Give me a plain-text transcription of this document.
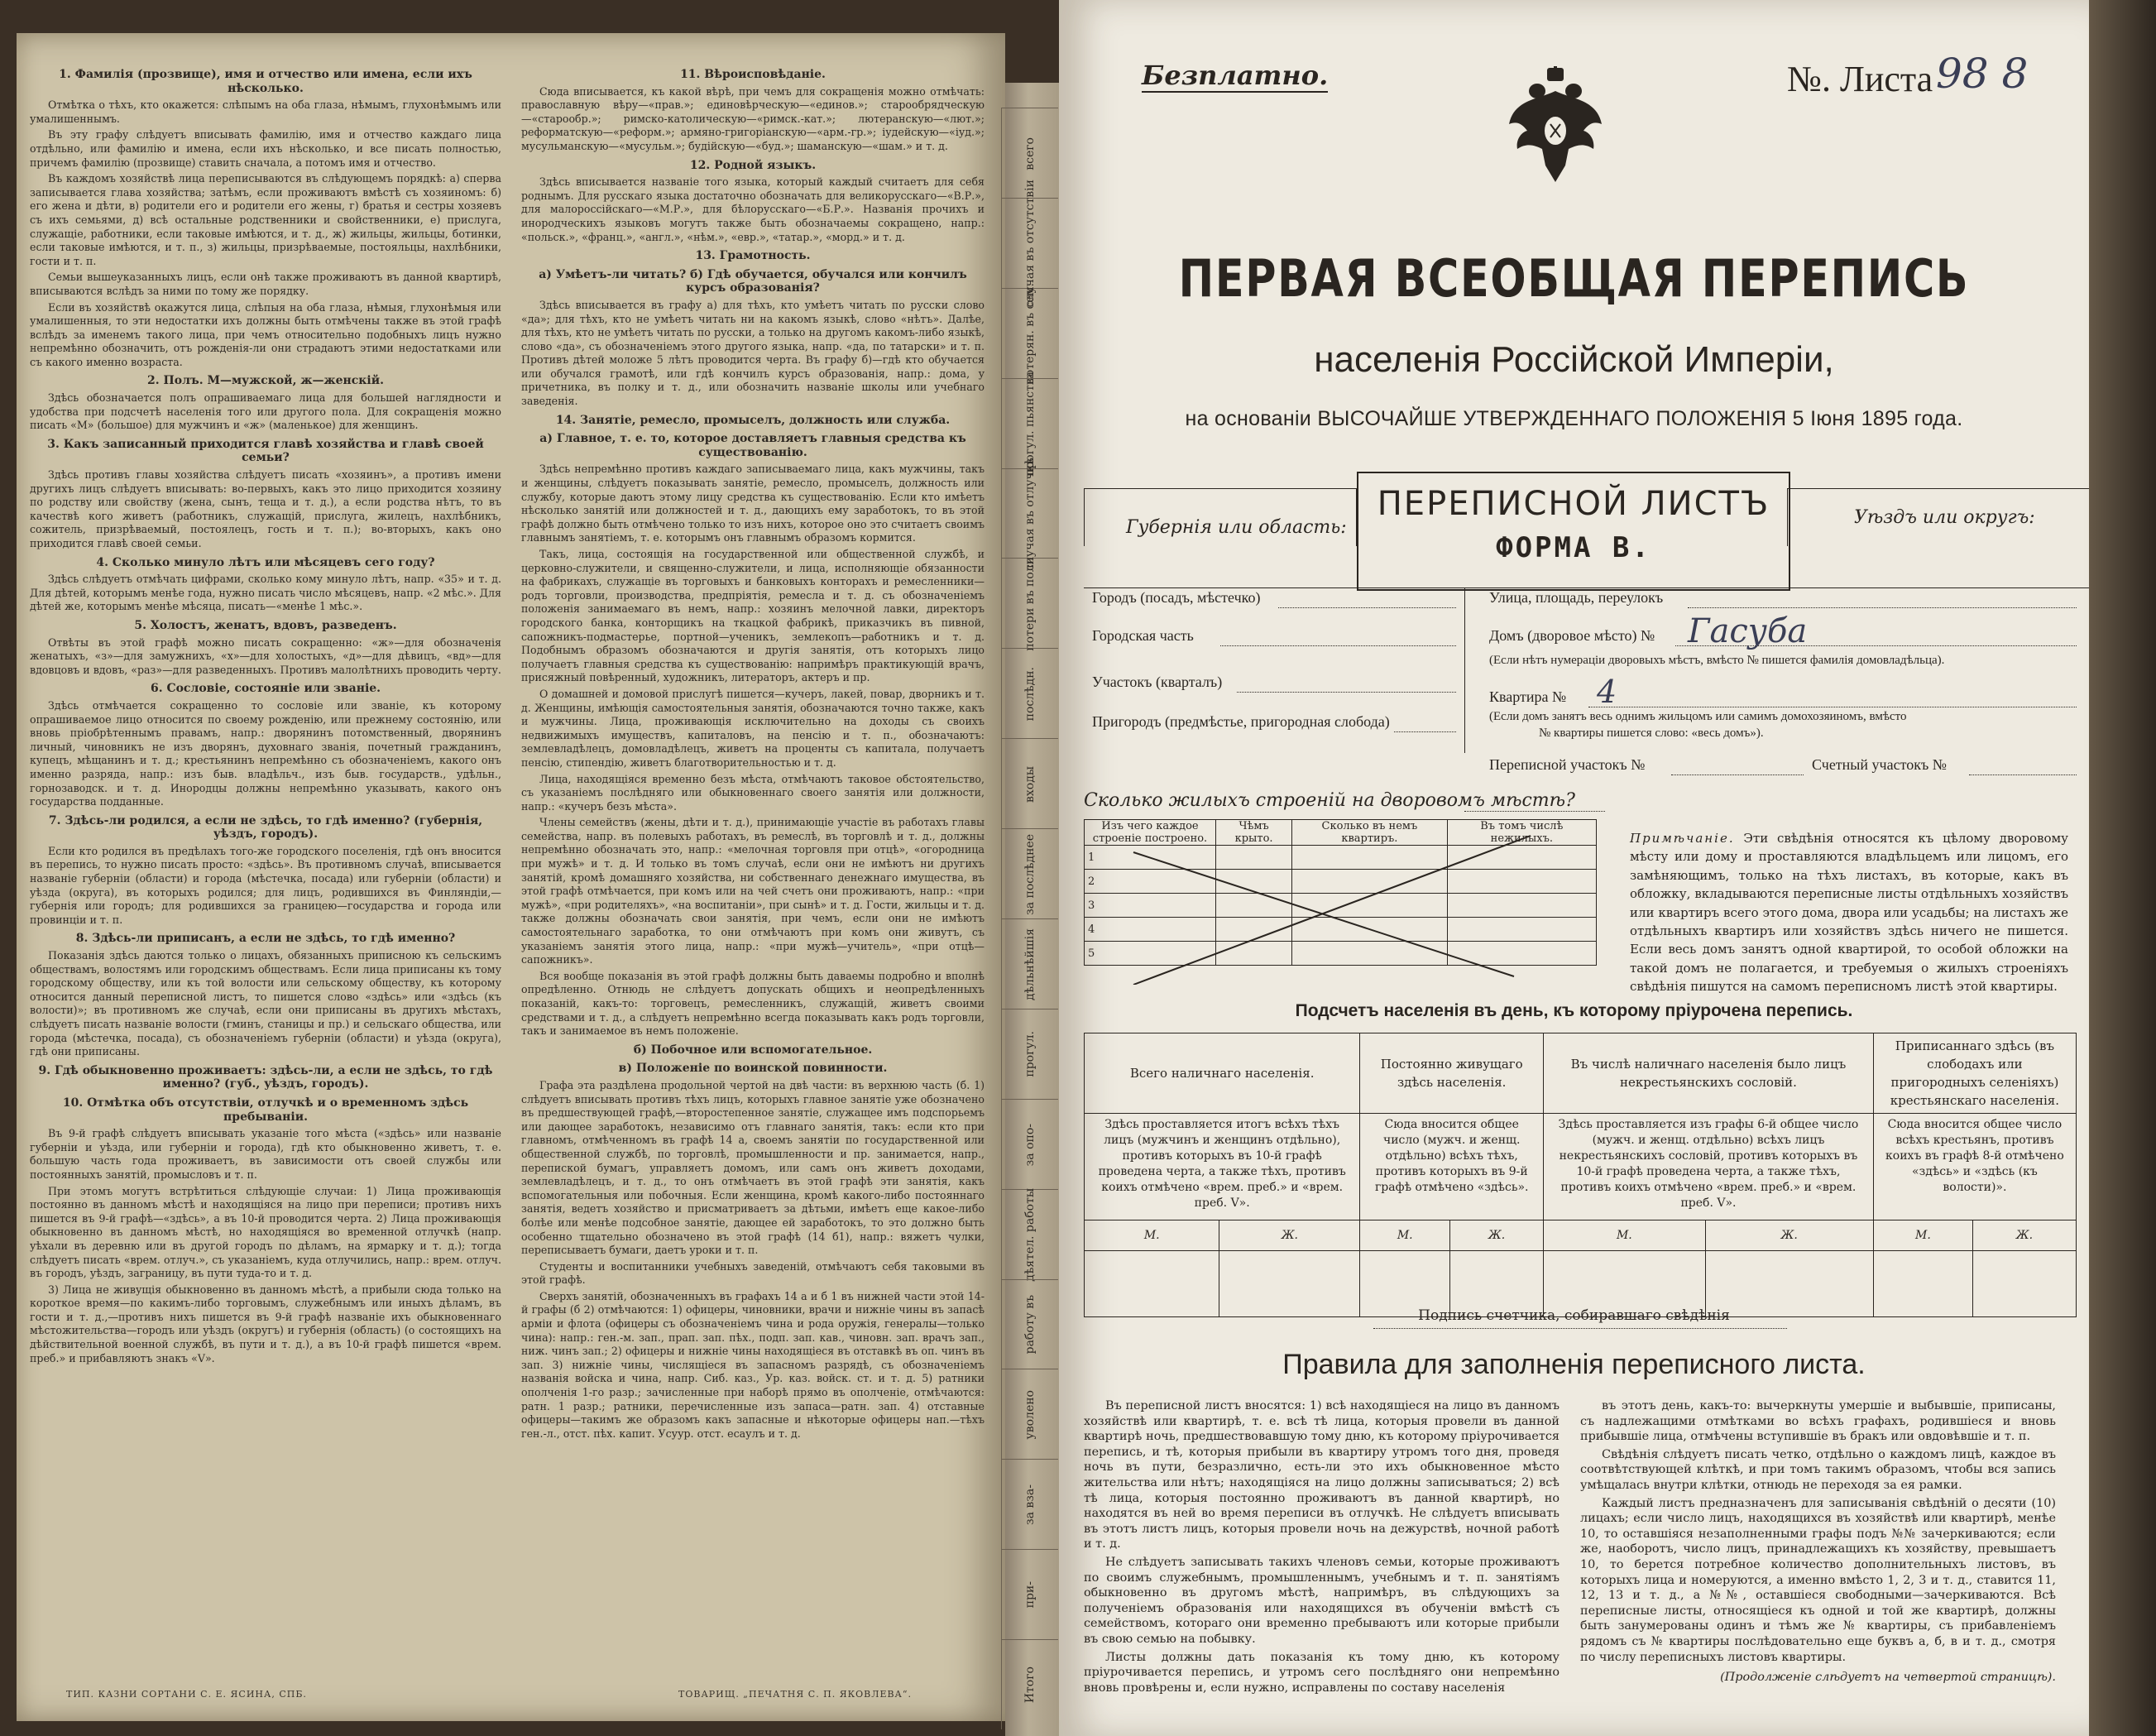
1. Фамилія (прозвище), имя и отчество или имена, если ихъ нѣсколько.

Отмѣтка о тѣхъ, кто окажется: слѣпымъ на оба глаза, нѣмымъ, глухонѣмымъ или умалишеннымъ.

Въ эту графу слѣдуетъ вписывать фамилію, имя и отчество каждаго лица отдѣльно, или фамилію и имена, если ихъ нѣсколько, и все писать полностью, причемъ фамилію (прозвище) ставить сначала, а потомъ имя и отчество.

Въ каждомъ хозяйствѣ лица переписываются въ слѣдующемъ порядкѣ: а) сперва записывается глава хозяйства; затѣмъ, если проживаютъ вмѣстѣ съ хозяиномъ: б) его жена и дѣти, в) родители его и родители его жены, г) братья и сестры хозяевъ съ ихъ семьями, д) всѣ остальные родственники и свойственники, е) прислуга, служащіе, работники, если таковые имѣются, и т. д., ж) жильцы, жильцы, ботинки, если таковые имѣются, и т. п., з) жильцы, призрѣваемые, постояльцы, нахлѣбники, гости и т. п.

Семьи вышеуказанныхъ лицъ, если онѣ также проживаютъ въ данной квартирѣ, вписываются вслѣдъ за ними по тому же порядку.

Если въ хозяйствѣ окажутся лица, слѣпыя на оба глаза, нѣмыя, глухонѣмыя или умалишенныя, то эти недостатки ихъ должны быть отмѣчены также въ этой графѣ вслѣдъ за именемъ такого лица, при чемъ относительно подобныхъ лицъ нужно непремѣнно обозначить, отъ рожденія-ли они страдаютъ этими недостатками или съ какого именно возраста.

2. Полъ. М—мужской, ж—женскій.

Здѣсь обозначается полъ опрашиваемаго лица для большей наглядности и удобства при подсчетѣ населенія того или другого пола. Для сокращенія можно писать «М» (большое) для мужчинъ и «ж» (маленькое) для женщинъ.

3. Какъ записанный приходится главѣ хозяйства и главѣ своей семьи?

Здѣсь противъ главы хозяйства слѣдуетъ писать «хозяинъ», а противъ имени другихъ лицъ слѣдуетъ вписывать: во-первыхъ, какъ это лицо приходится хозяину по родству или свойству (жена, сынъ, теща и т. д.), а если родства нѣтъ, то въ качествѣ кого живетъ (работникъ, служащій, прислуга, жилецъ, нахлѣбникъ, сожитель, призрѣваемый, постоялецъ, гость и т. п.); во-вторыхъ, какъ оно приходится главѣ своей семьи.

4. Сколько минуло лѣтъ или мѣсяцевъ сего году?

Здѣсь слѣдуетъ отмѣчать цифрами, сколько кому минуло лѣтъ, напр. «35» и т. д. Для дѣтей, которымъ менѣе года, нужно писать число мѣсяцевъ, напр. «2 мѣс.». Для дѣтей же, которымъ менѣе мѣсяца, писать—«менѣе 1 мѣс.».

5. Холостъ, женатъ, вдовъ, разведенъ.

Отвѣты въ этой графѣ можно писать сокращенно: «ж»—для обозначенія женатыхъ, «з»—для замужнихъ, «х»—для холостыхъ, «д»—для дѣвицъ, «вд»—для вдовцовъ и вдовъ, «раз»—для разведенныхъ. Противъ малолѣтнихъ проводить черту.

6. Сословіе, состояніе или званіе.

Здѣсь отмѣчается сокращенно то сословіе или званіе, къ которому опрашиваемое лицо относится по своему рожденію, или прежнему состоянію, или вновь пріобрѣтеннымъ правамъ, напр.: дворянинъ потомственный, дворянинъ личный, чиновникъ не изъ дворянъ, духовнаго званія, почетный гражданинъ, купецъ, мѣщанинъ и т. д.; крестьянинъ непремѣнно съ обозначеніемъ, какого онъ именно разряда, напр.: изъ быв. владѣльч., изъ быв. государств., удѣльн., горнозаводск. и т. д. Инородцы должны непремѣнно указывать, какого онъ государства подданные.

7. Здѣсь-ли родился, а если не здѣсь, то гдѣ именно? (губернія, уѣздъ, городъ).

Если кто родился въ предѣлахъ того-же городского поселенія, гдѣ онъ вносится въ перепись, то нужно писать просто: «здѣсь». Въ противномъ случаѣ, вписывается названіе губерніи (области) и города (мѣстечка, посада) или губерніи (области) и уѣзда (округа), въ которыхъ родился; для лицъ, родившихся въ Финляндіи,—губернія или городъ; для родившихся за границею—государства и города или провинціи и т. п.

8. Здѣсь-ли приписанъ, а если не здѣсь, то гдѣ именно?

Показанія здѣсь даются только о лицахъ, обязанныхъ приписною къ сельскимъ обществамъ, волостямъ или городскимъ обществамъ. Если лица приписаны къ тому городскому обществу, или къ той волости или сельскому обществу, къ которому относится данный переписной листъ, то пишется слово «здѣсь» или «здѣсь (къ волости)»; въ противномъ же случаѣ, если они приписаны въ другихъ мѣстахъ, слѣдуетъ писать названіе волости (гминъ, станицы и пр.) и сельскаго общества, или города (мѣстечка, посада), съ обозначеніемъ губерніи (области) и уѣзда (округа), гдѣ они приписаны.

9. Гдѣ обыкновенно проживаетъ: здѣсь-ли, а если не здѣсь, то гдѣ именно? (губ., уѣздъ, городъ).
10. Отмѣтка объ отсутствіи, отлучкѣ и о временномъ здѣсь пребываніи.

Въ 9-й графѣ слѣдуетъ вписывать указаніе того мѣста («здѣсь» или названіе губерніи и уѣзда, или губерніи и города), гдѣ кто обыкновенно живетъ, т. е. большую часть года проживаетъ, въ зависимости отъ своей службы или постоянныхъ занятій, промысловъ и т. п.

При этомъ могутъ встрѣтиться слѣдующіе случаи: 1) Лица проживающія постоянно въ данномъ мѣстѣ и находящіяся на лицо при переписи; противъ нихъ пишется въ 9-й графѣ—«здѣсь», а въ 10-й проводится черта. 2) Лица проживающія обыкновенно въ данномъ мѣстѣ, но находящіяся во временной отлучкѣ (напр. уѣхали въ деревню или въ другой городъ по дѣламъ, на ярмарку и т. д.); тогда слѣдуетъ писать «врем. отлуч.», съ указаніемъ, куда отлучились, напр.: врем. отлуч. въ городъ, уѣздъ, заграницу, въ пути туда-то и т. д.

3) Лица не живущія обыкновенно въ данномъ мѣстѣ, а прибыли сюда только на короткое время—по какимъ-либо торговымъ, служебнымъ или иныхъ дѣламъ, въ гости и т. д.,—противъ нихъ пишется въ 9-й графѣ названіе ихъ обыкновеннаго мѣстожительства—городъ или уѣздъ (округъ) и губернія (область) (о состоящихъ на дѣйствительной военной службѣ, въ пути и т. д.), а въ 10-й графѣ пишется «врем. преб.» и прибавляютъ знакъ «V».

11. Вѣроисповѣданіе.

Сюда вписывается, къ какой вѣрѣ, при чемъ для сокращенія можно отмѣчать: православную вѣру—«прав.»; единовѣрческую—«единов.»; старообрядческую—«старообр.»; римско-католическую—«римск.-кат.»; лютеранскую—«лют.»; реформатскую—«реформ.»; армяно-григоріанскую—«арм.-гр.»; іудейскую—«іуд.»; мусульманскую—«мусульм.»; будійскую—«буд.»; шаманскую—«шам.» и т. д.

12. Родной языкъ.

Здѣсь вписывается названіе того языка, который каждый считаетъ для себя роднымъ. Для русскаго языка достаточно обозначать для великорусскаго—«В.Р.», для малороссійскаго—«М.Р.», для бѣлорусскаго—«Б.Р.». Названія прочихъ и инородческихъ языковъ могутъ также быть обозначаемы сокращено, напр.: «польск.», «франц.», «англ.», «нѣм.», «евр.», «татар.», «морд.» и т. д.

13. Грамотность.
а) Умѣетъ-ли читать? б) Гдѣ обучается, обучался или кончилъ курсъ образованія?

Здѣсь вписывается въ графу а) для тѣхъ, кто умѣетъ читать по русски слово «да»; для тѣхъ, кто не умѣетъ читать ни на какомъ языкѣ, слово «нѣтъ». Далѣе, для тѣхъ, кто не умѣетъ читать по русски, а только на другомъ какомъ-либо языкѣ, слово «да», съ обозначеніемъ этого другого языка, напр. «да, по татарски» и т. п. Противъ дѣтей моложе 5 лѣтъ проводится черта. Въ графу б)—гдѣ кто обучается или обучался грамотѣ, или гдѣ кончилъ курсъ образованія, напр.: дома, у причетника, въ полку и т. д., или обозначить названіе школы или учебнаго заведенія.

14. Занятіе, ремесло, промыселъ, должность или служба.
а) Главное, т. е. то, которое доставляетъ главныя средства къ существованію.

Здѣсь непремѣнно противъ каждаго записываемаго лица, какъ мужчины, такъ и женщины, слѣдуетъ показывать занятіе, ремесло, промыселъ, должность или службу, которые даютъ этому лицу средства къ существованію. Если кто имѣетъ нѣсколько занятій или должностей и т. д., дающихъ ему заработокъ, то въ этой графѣ должно быть отмѣчено только то изъ нихъ, которое оно это считаетъ своимъ главнымъ занятіемъ, т. е. которымъ онъ главнымъ образомъ кормится.

Такъ, лица, состоящія на государственной или общественной службѣ, и церковно-служители, и священно-служители, и лица, исполняющіе обязанности на фабрикахъ, служащіе въ торговыхъ и банковыхъ конторахъ и ремесленники—родъ торговли, производства, предпріятія, ремесла и т. д. съ обозначеніемъ положенія занимаемаго въ немъ, напр.: хозяинъ мелочной лавки, директоръ городского банка, конторщикъ на ткацкой фабрикѣ, приказчикъ въ пивной, сапожникъ-подмастерье, портной—ученикъ, землекопъ—работникъ и т. д. Подобнымъ образомъ обозначаются и другія занятія, отъ которыхъ лицо получаетъ главныя средства къ существованію: напримѣръ практикующій врачъ, присяжный повѣренный, художникъ, литераторъ, актеръ и пр.

О домашней и домовой прислугѣ пишется—кучеръ, лакей, повар, дворникъ и т. д. Женщины, имѣющія самостоятельныя занятія, обозначаются точно также, какъ и мужчины. Лица, проживающія исключительно на доходы съ своихъ недвижимыхъ имуществъ, капиталовъ, на пенсію и т. п., обозначаютъ: землевладѣлецъ, домовладѣлецъ, живетъ на проценты съ капитала, получаетъ пенсію, стипендію, живетъ благотворительностью и т. д.

Лица, находящіяся временно безъ мѣста, отмѣчаютъ таковое обстоятельство, съ указаніемъ послѣдняго или обыкновеннаго своего занятія или должности, напр.: «кучеръ безъ мѣста».

Члены семействъ (жены, дѣти и т. д.), принимающіе участіе въ работахъ главы семейства, напр. въ полевыхъ работахъ, въ ремеслѣ, въ торговлѣ и т. д., должны непремѣнно обозначать это, напр.: «мелочная торговля при отцѣ», «огородница при мужѣ» и т. д. И только въ томъ случаѣ, если они не имѣютъ ни другихъ занятій, кромѣ домашняго хозяйства, ни собственнаго денежнаго имущества, въ этой графѣ отмѣчается, при комъ или на чей счетъ они проживаютъ, напр.: «при мужѣ», «при родителяхъ», «на воспитаніи», при сынѣ» и т. д. Гости, жильцы и т. д. также должны обозначать свои занятія, при чемъ, если они не имѣютъ самостоятельнаго заработка, то они отмѣчаютъ при комъ они живутъ, съ указаніемъ занятія этого лица, напр.: «при мужѣ—учитель», «при отцѣ—сапожникъ».

Вся вообще показанія въ этой графѣ должны быть даваемы подробно и вполнѣ опредѣленно. Отнюдь не слѣдуетъ допускать общихъ и неопредѣленныхъ показаній, какъ-то: торговецъ, ремесленникъ, служащій, живетъ своими средствами и т. д., а слѣдуетъ непремѣнно всегда показывать какъ родъ торговли, такъ и занимаемое въ немъ положеніе.

б) Побочное или вспомогательное.
в) Положеніе по воинской повинности.

Графа эта раздѣлена продольной чертой на двѣ части: въ верхнюю часть (б. 1) слѣдуетъ вписывать противъ тѣхъ лицъ, которыхъ главное занятіе уже обозначено въ предшествующей графѣ,—второстепенное занятіе, служащее имъ подспорьемъ или дающее заработокъ, независимо отъ главнаго занятія, такъ: если кто при главномъ, отмѣченномъ въ графѣ 14 а, своемъ занятіи по государственной или общественной службѣ, по торговлѣ, промышленности и пр. занимается, напр., перепиской бумагъ, управляетъ домомъ, или самъ онъ живетъ доходами, землевладѣлецъ, и т. д., то онъ отмѣчаетъ въ этой графѣ эти занятія, какъ вспомогательныя или побочныя. Если женщина, кромѣ какого-либо постояннаго занятія, ведетъ хозяйство и присматриваетъ за дѣтьми, имѣетъ еще какое-либо болѣе или менѣе подсобное занятіе, дающее ей заработокъ, то это должно быть особенно тщательно обозначено въ этой графѣ (14 б1), напр.: вяжетъ чулки, переписываетъ бумаги, даетъ уроки и т. п.

Студенты и воспитанники учебныхъ заведеній, отмѣчаютъ себя таковыми въ этой графѣ.

Сверхъ занятій, обозначенныхъ въ графахъ 14 а и б 1 въ нижней части этой 14-й графы (б 2) отмѣчаются: 1) офицеры, чиновники, врачи и нижніе чины въ запасѣ арміи и флота (офицеры съ обозначеніемъ чина и рода оружія, генералы—только чина): напр.: ген.-м. зап., прап. зап. пѣх., подп. зап. кав., чиновн. зап. врачъ зап., ниж. чинъ зап.; 2) офицеры и нижніе чины находящіеся въ отставкѣ въ оп. чинъ въ зап. 3) нижніе чины, числящіеся въ запасномъ разрядѣ, съ обозначеніемъ названія войска и чина, напр. Сиб. каз., Ур. каз. войск. ст. и т. д. 5) ратники ополченія 1-го разр.; зачисленные при наборѣ прямо въ ополченіе, отмѣчаются: ратн. 1 разр.; ратники, перечисленные изъ запаса—ратн. зап. 4) отставные офицеры—такимъ же образомъ какъ запасные и нѣкоторые офицеры нап.—тѣхъ ген.-л., отст. пѣх. капит. Усуур. отст. есаулъ и т. д.

ТИП. КАЗНИ СОРТАНИ С. Е. ЯСИНА, СПБ.	ТОВАРИЩ. „ПЕЧАТНЯ С. П. ЯКОВЛЕВА“.
всего
случая въ отсутствіи
потерян. въ сем.
прогул. пьянства
случая въ отлучкѣ
потери въ поли
послѣдн.
входы
за послѣднее
дѣльнѣйшія
прогул.
за опо-
дѣятел. работы
работу въ
уволено
за вза-
при-
Итого
Безплатно.	№. Листа 98 8
ПЕРВАЯ ВСЕОБЩАЯ ПЕРЕПИСЬ
населенія Россійской Имперіи,
на основаніи ВЫСОЧАЙШЕ УТВЕРЖДЕННАГО ПОЛОЖЕНІЯ 5 Іюня 1895 года.
Губернія или область:
ПЕРЕПИСНОЙ ЛИСТЪ
ФОРМА В.
Уѣздъ или округъ:
Городъ (посадъ, мѣстечко)
Городская часть
Участокъ (кварталъ)
Пригородъ (предмѣстье, пригородная слобода)
Улица, площадь, переулокъ
Домъ (дворовое мѣсто) № Гасуба
(Если нѣтъ нумераціи дворовыхъ мѣстъ, вмѣсто № пишется фамилія домовладѣльца).
Квартира № 4
(Если домъ занятъ весь однимъ жильцомъ или самимъ домохозяиномъ, вмѣсто
№ квартиры пишется слово: «весь домъ»).
Переписной участокъ №	Счетный участокъ №
Сколько жилыхъ строеній на дворовомъ мѣстѣ?
Изъ чего каждое строеніе построено.	Чѣмъ крыто.	Сколько въ немъ квартиръ.	Въ томъ числѣ нежилыхъ.
1			
2			
3			
4			
5			
Примѣчаніе. Эти свѣдѣнія относятся къ цѣлому дворовому мѣсту или дому и проставляются владѣльцемъ или лицомъ, его замѣняющимъ, только на тѣхъ листахъ, въ которые, какъ въ обложку, вкладываются переписные листы отдѣльныхъ хозяйствъ или квартиръ всего этого дома, двора или усадьбы; на листахъ же отдѣльныхъ квартиръ или хозяйствъ здѣсь ничего не пишется. Если весь домъ занятъ одной квартирой, то особой обложки на такой домъ не полагается, и требуемыя о жилыхъ строеніяхъ свѣдѣнія пишутся на самомъ переписномъ листѣ этой квартиры.
Подсчетъ населенія въ день, къ которому пріурочена перепись.
Всего наличнаго населенія.		Постоянно живущаго здѣсь населенія.		Въ числѣ наличнаго населенія было лицъ некрестьянскихъ сословій.		Приписаннаго здѣсь (въ слободахъ или пригородныхъ селеніяхъ) крестьянскаго населенія.	
Здѣсь проставляется итогъ всѣхъ тѣхъ лицъ (мужчинъ и женщинъ отдѣльно), противъ которыхъ въ 10-й графѣ проведена черта, а также тѣхъ, противъ коихъ отмѣчено «врем. преб.» и «врем. преб. V».		Сюда вносится общее число (мужч. и женщ. отдѣльно) всѣхъ тѣхъ, противъ которыхъ въ 9-й графѣ отмѣчено «здѣсь».		Здѣсь проставляется изъ графы 6-й общее число (мужч. и женщ. отдѣльно) всѣхъ лицъ некрестьянскихъ сословій, противъ которыхъ въ 10-й графѣ проведена черта, а также тѣхъ, противъ коихъ отмѣчено «врем. преб.» и «врем. преб. V».		Сюда вносится общее число всѣхъ крестьянъ, противъ коихъ въ графѣ 8-й отмѣчено «здѣсь» и «здѣсь (къ волости)».	
М.	Ж.	М.	Ж.	М.	Ж.	М.	Ж.

Подпись счетчика, собиравшаго свѣдѣнія
Правила для заполненія переписного листа.

Въ переписной листъ вносятся: 1) всѣ находящіеся на лицо въ данномъ хозяйствѣ или квартирѣ, т. е. всѣ тѣ лица, которыя провели въ данной квартирѣ ночь, предшествовавшую тому дню, къ которому пріурочивается перепись, и тѣ, которыя прибыли въ квартиру утромъ того дня, проведя ночь въ пути, безразлично, есть-ли это ихъ обыкновенное мѣсто жительства или нѣтъ; находящіяся на лицо должны записываться; 2) всѣ тѣ лица, которыя постоянно проживаютъ въ данной квартирѣ, но находятся въ ней во время переписи въ отлучкѣ. Не слѣдуетъ вписывать въ этотъ листъ лицъ, которыя провели ночь на дежурствѣ, ночной работѣ и т. д.

Не слѣдуетъ записывать такихъ членовъ семьи, которые проживаютъ по своимъ служебнымъ, промышленнымъ, учебнымъ и т. п. занятіямъ обыкновенно въ другомъ мѣстѣ, напримѣръ, въ слѣдующихъ за полученіемъ образованія или находящихся въ обученіи вмѣстѣ съ семействомъ, котораго они временно пребываютъ или которые прибыли въ свою семью на побывку.

Листы должны дать показанія къ тому дню, къ которому пріурочивается перепись, и утромъ сего послѣдняго они непремѣнно вновь провѣрены и, если нужно, исправлены по составу населенія

въ этотъ день, какъ-то: вычеркнуты умершіе и выбывшіе, приписаны, съ надлежащими отмѣтками во всѣхъ графахъ, родившіеся и вновь прибывшіе лица, отмѣчены вступившіе въ бракъ или овдовѣвшіе и т. п.

Свѣдѣнія слѣдуетъ писать четко, отдѣльно о каждомъ лицѣ, каждое въ соотвѣтствующей клѣткѣ, и при томъ такимъ образомъ, чтобы вся запись умѣщалась внутри клѣтки, отнюдь не переходя за ея рамки.

Каждый листъ предназначенъ для записыванія свѣдѣній о десяти (10) лицахъ; если число лицъ, находящихся въ хозяйствѣ или квартирѣ, менѣе 10, то оставшіяся незаполненными графы подъ №№ зачеркиваются; если же, наоборотъ, число лицъ, принадлежащихъ къ хозяйству, превышаетъ 10, то берется потребное количество дополнительныхъ листовъ, въ которыхъ лица и номеруются, а именно вмѣсто 1, 2, 3 и т. д., ставится 11, 12, 13 и т. д., а №№, оставшіеся свободными—зачеркиваются. Всѣ переписные листы, относящіеся къ одной и той же квартирѣ, должны быть занумерованы одинъ и тѣмъ же № квартиры, съ прибавленіемъ рядомъ съ № квартиры послѣдовательно еще буквъ а, б, в и т. д., смотря по числу переписныхъ листовъ квартиры.

(Продолженіе слѣдуетъ на четвертой страницѣ).
